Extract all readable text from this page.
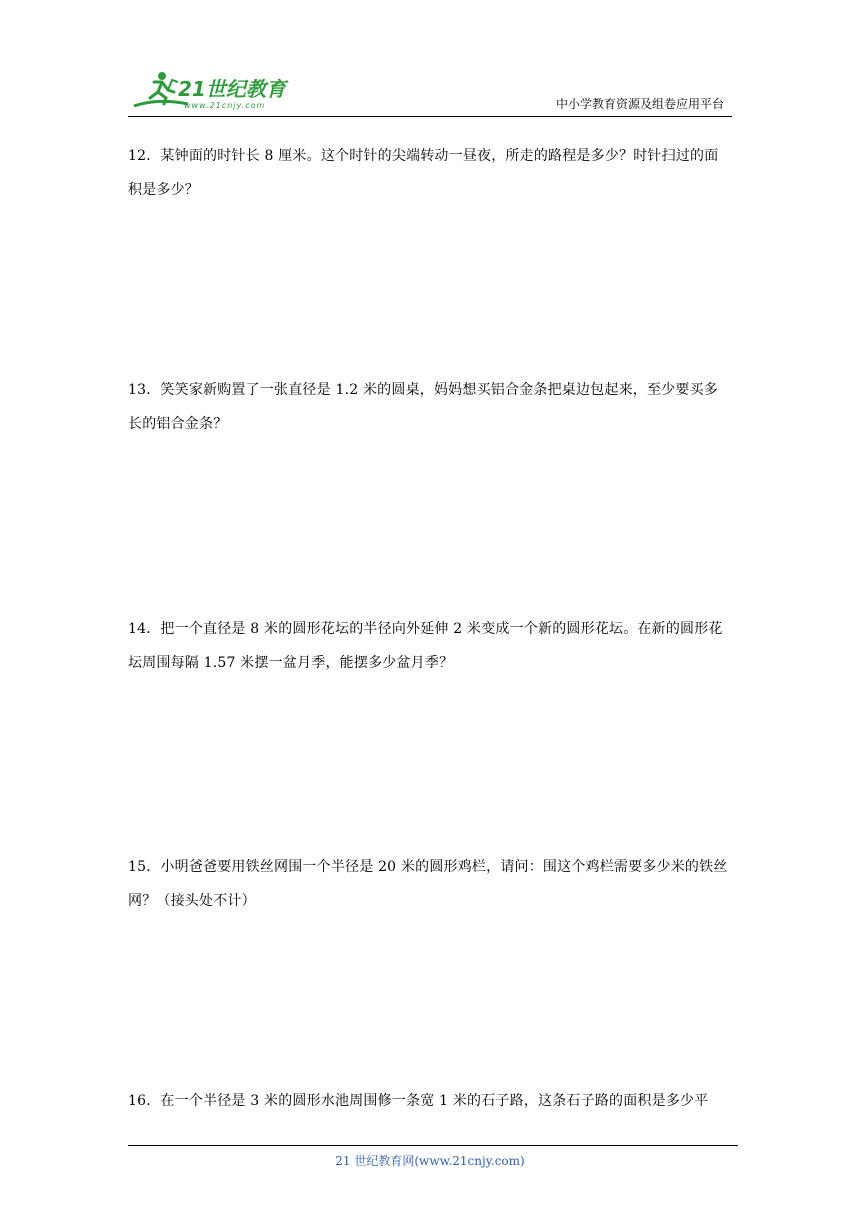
21世纪教育
www.21cnjy.com	中小学教育资源及组卷应用平台
12．某钟面的时针长 8 厘米。这个时针的尖端转动一昼夜，所走的路程是多少？时针扫过的面积是多少？
13．笑笑家新购置了一张直径是 1.2 米的圆桌，妈妈想买铝合金条把桌边包起来，至少要买多长的铝合金条？
14．把一个直径是 8 米的圆形花坛的半径向外延伸 2 米变成一个新的圆形花坛。在新的圆形花坛周围每隔 1.57 米摆一盆月季，能摆多少盆月季？
15．小明爸爸要用铁丝网围一个半径是 20 米的圆形鸡栏，请问：围这个鸡栏需要多少米的铁丝网？（接头处不计）
16．在一个半径是 3 米的圆形水池周围修一条宽 1 米的石子路，这条石子路的面积是多少平
21 世纪教育网(www.21cnjy.com)
